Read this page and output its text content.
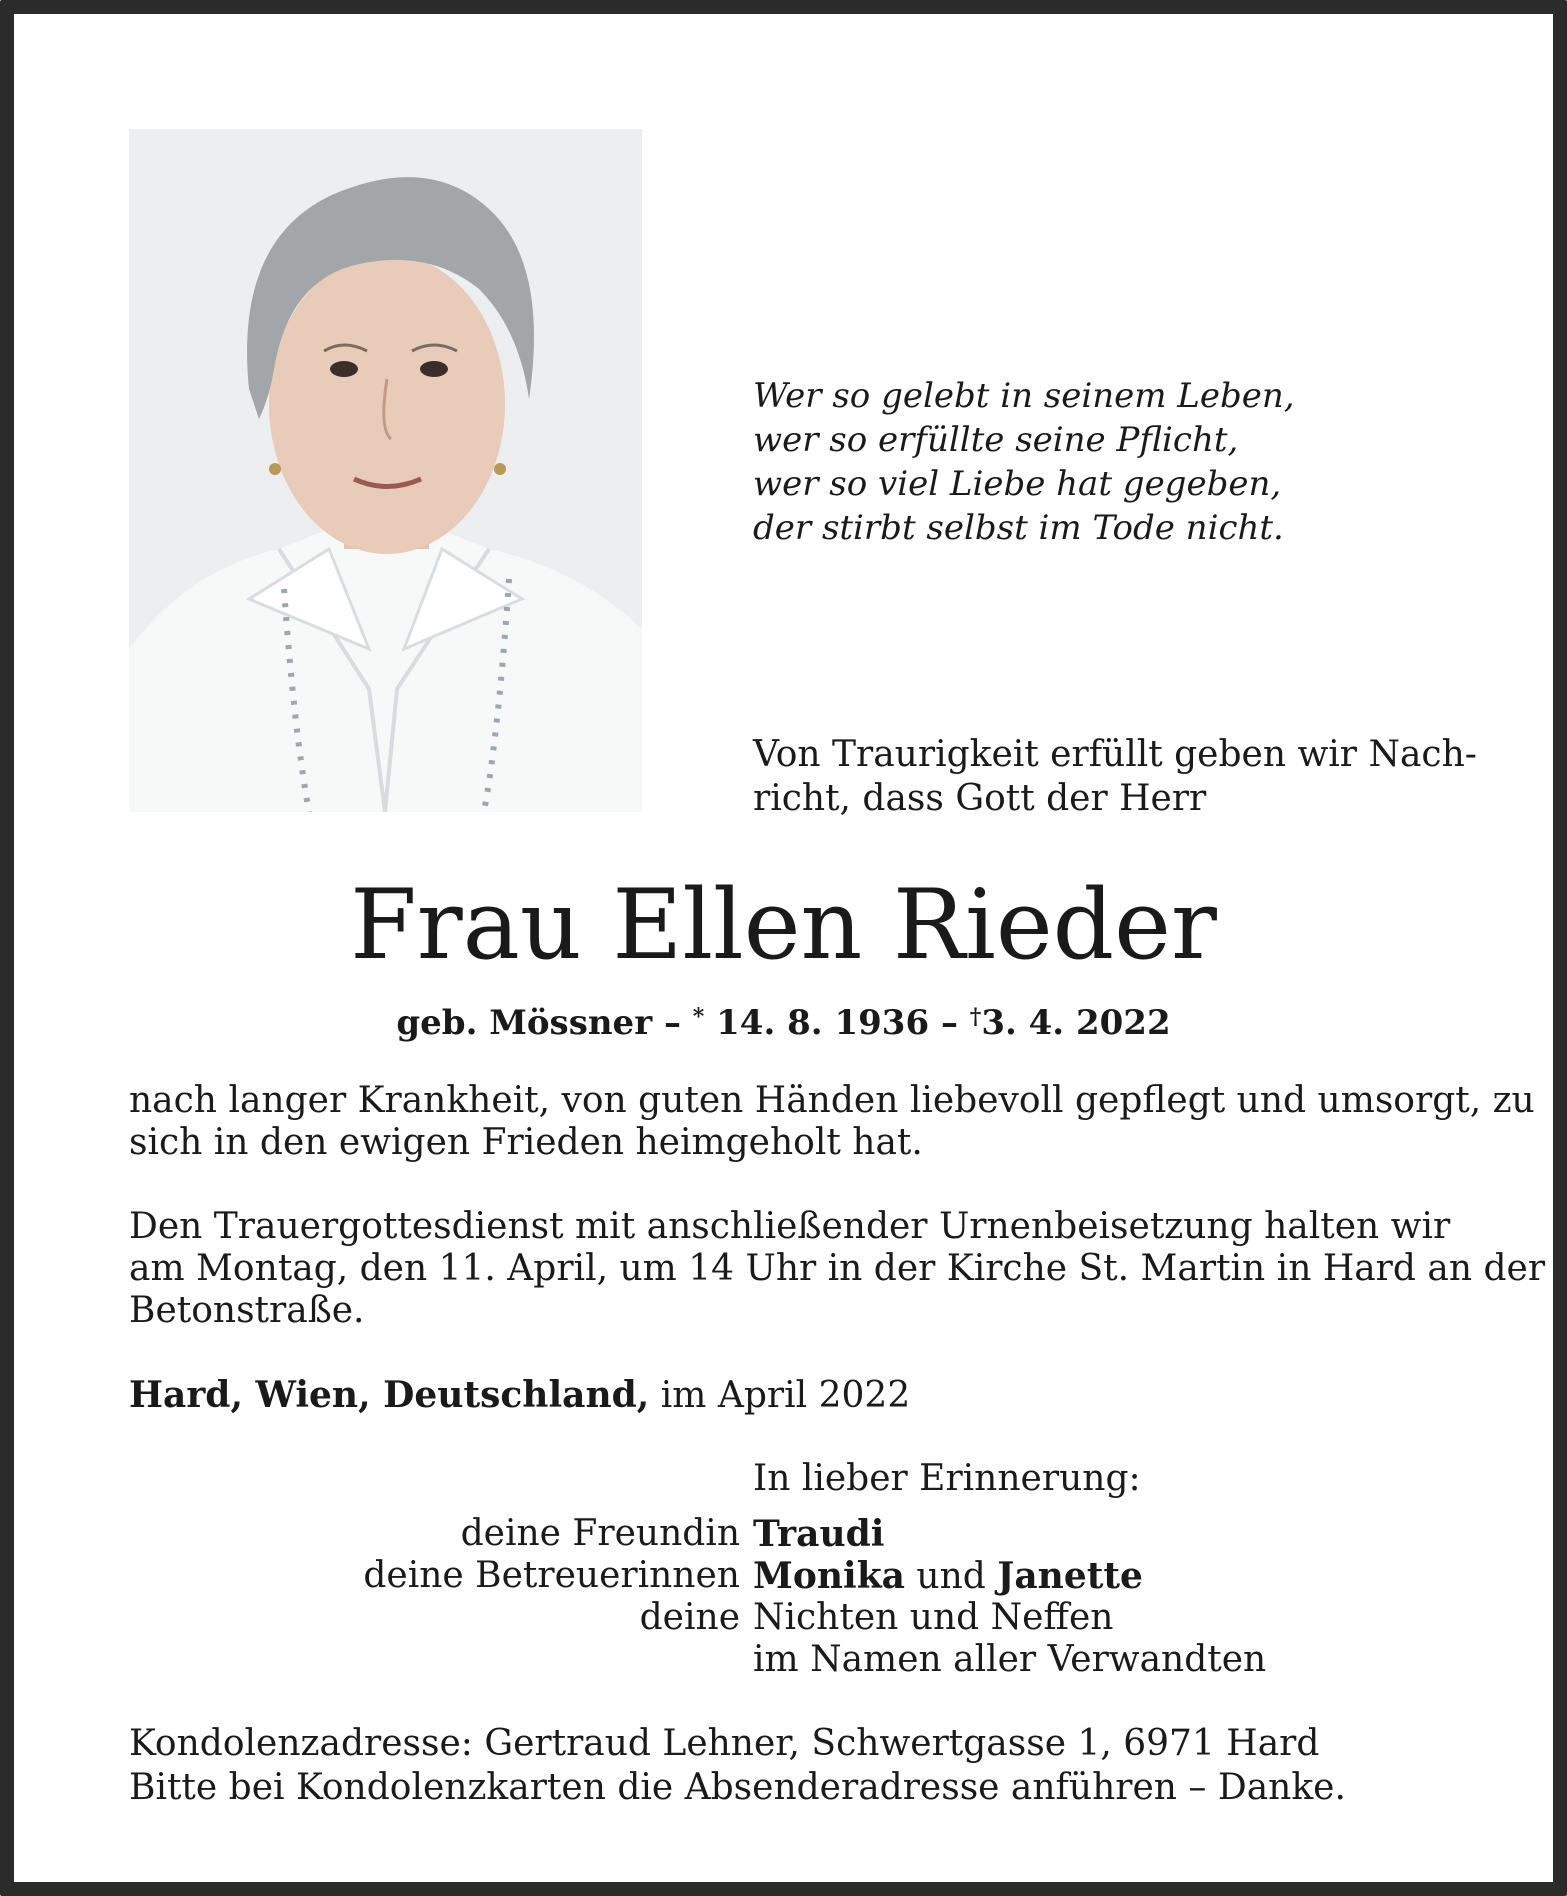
Wer so gelebt in seinem Leben,
wer so erfüllte seine Pflicht,
wer so viel Liebe hat gegeben,
der stirbt selbst im Tode nicht.
Von Traurigkeit erfüllt geben wir Nach-
richt, dass Gott der Herr
Frau Ellen Rieder
geb. Mössner – * 14. 8. 1936 – †3. 4. 2022
nach langer Krankheit, von guten Händen liebevoll gepflegt und umsorgt, zu
sich in den ewigen Frieden heimgeholt hat.
Den Trauergottesdienst mit anschließender Urnenbeisetzung halten wir
am Montag, den 11. April, um 14 Uhr in der Kirche St. Martin in Hard an der
Betonstraße.
Hard, Wien, Deutschland, im April 2022
In lieber Erinnerung:
deine Freundin Traudi
deine Betreuerinnen Monika und Janette
deine Nichten und Neffen
im Namen aller Verwandten
Kondolenzadresse: Gertraud Lehner, Schwertgasse 1, 6971 Hard
Bitte bei Kondolenzkarten die Absenderadresse anführen – Danke.
